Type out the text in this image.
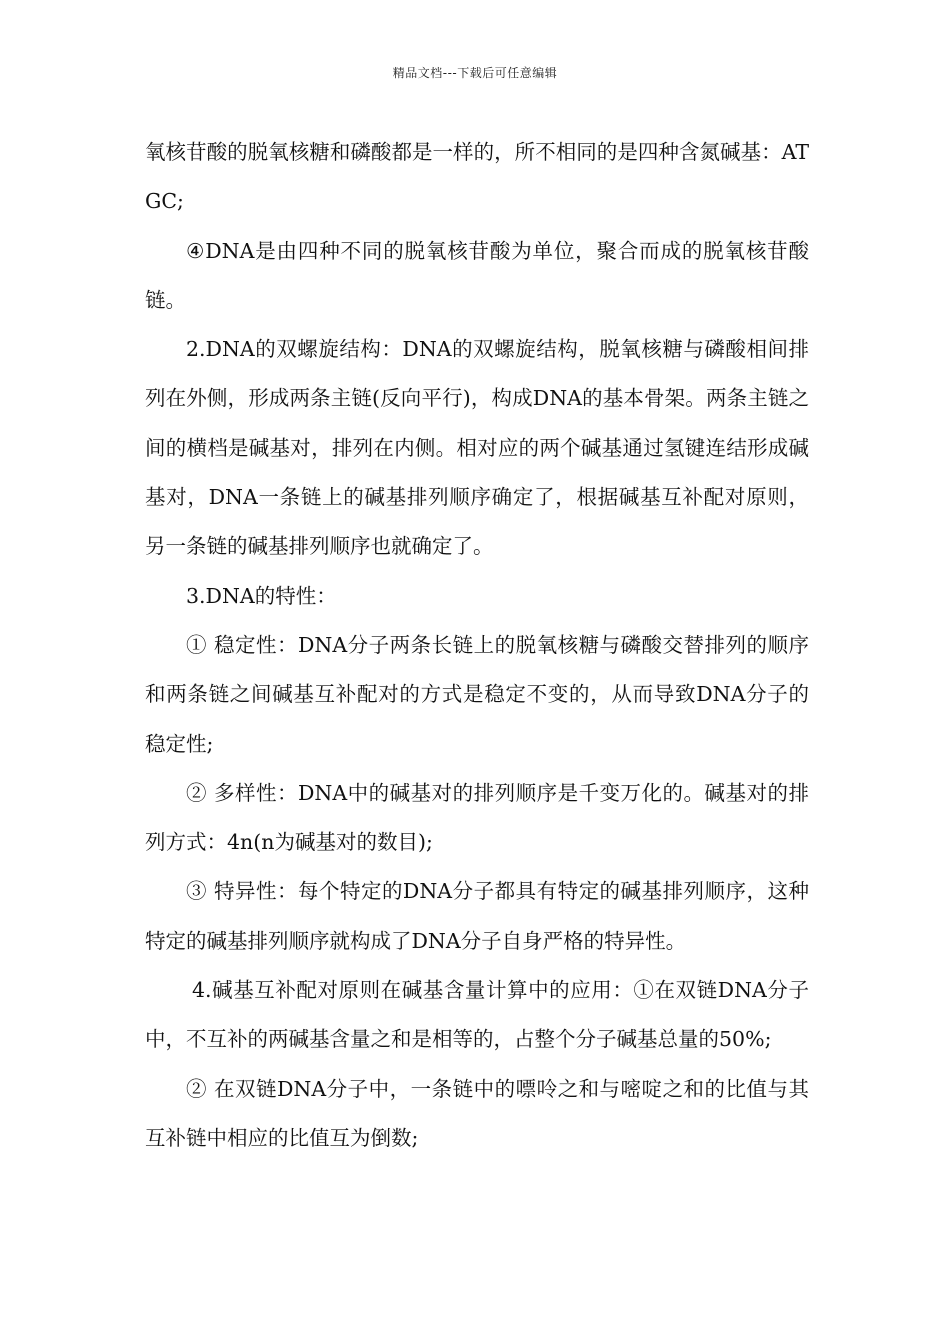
精品文档---下载后可任意编辑

氧核苷酸的脱氧核糖和磷酸都是一样的，所不相同的是四种含氮碱基：ATGC;

④DNA是由四种不同的脱氧核苷酸为单位，聚合而成的脱氧核苷酸链。

2.DNA的双螺旋结构：DNA的双螺旋结构，脱氧核糖与磷酸相间排列在外侧，形成两条主链(反向平行)，构成DNA的基本骨架。两条主链之间的横档是碱基对，排列在内侧。相对应的两个碱基通过氢键连结形成碱基对，DNA一条链上的碱基排列顺序确定了，根据碱基互补配对原则，另一条链的碱基排列顺序也就确定了。

3.DNA的特性：

① 稳定性：DNA分子两条长链上的脱氧核糖与磷酸交替排列的顺序和两条链之间碱基互补配对的方式是稳定不变的，从而导致DNA分子的稳定性;

② 多样性：DNA中的碱基对的排列顺序是千变万化的。碱基对的排列方式：4n(n为碱基对的数目);

③ 特异性：每个特定的DNA分子都具有特定的碱基排列顺序，这种特定的碱基排列顺序就构成了DNA分子自身严格的特异性。

4.碱基互补配对原则在碱基含量计算中的应用：①在双链DNA分子中，不互补的两碱基含量之和是相等的，占整个分子碱基总量的50%;

② 在双链DNA分子中，一条链中的嘌呤之和与嘧啶之和的比值与其互补链中相应的比值互为倒数;
